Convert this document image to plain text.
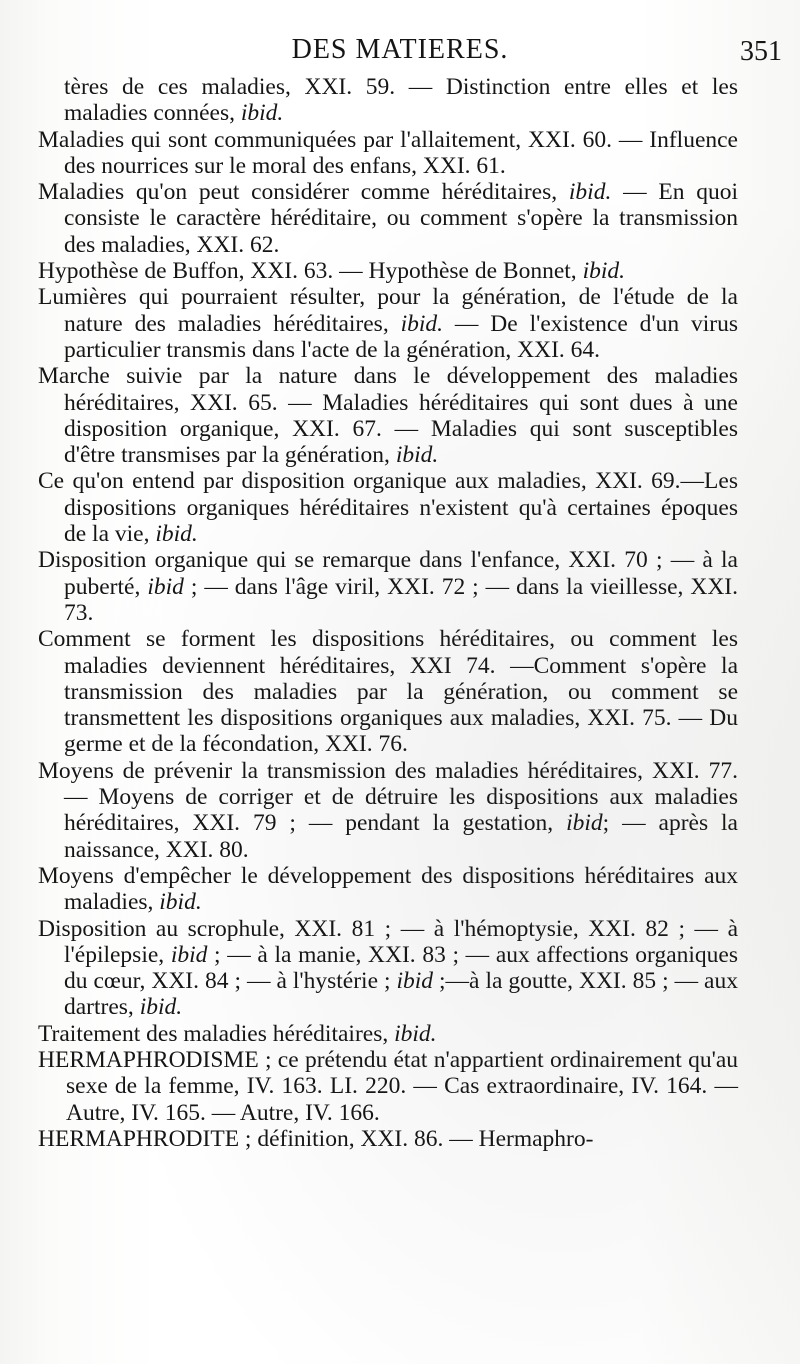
DES MATIERES.	351
tères de ces maladies, XXI. 59. — Distinction entre elles et les maladies connées, ibid.
Maladies qui sont communiquées par l'allaitement, XXI. 60. — Influence des nourrices sur le moral des enfans, XXI. 61.
Maladies qu'on peut considérer comme héréditaires, ibid. — En quoi consiste le caractère héréditaire, ou comment s'opère la transmission des maladies, XXI. 62.
Hypothèse de Buffon, XXI. 63. — Hypothèse de Bonnet, ibid.
Lumières qui pourraient résulter, pour la génération, de l'étude de la nature des maladies héréditaires, ibid. — De l'existence d'un virus particulier transmis dans l'acte de la génération, XXI. 64.
Marche suivie par la nature dans le développement des maladies héréditaires, XXI. 65. — Maladies héréditaires qui sont dues à une disposition organique, XXI. 67. — Maladies qui sont susceptibles d'être transmises par la génération, ibid.
Ce qu'on entend par disposition organique aux maladies, XXI. 69.—Les dispositions organiques héréditaires n'existent qu'à certaines époques de la vie, ibid.
Disposition organique qui se remarque dans l'enfance, XXI. 70 ; — à la puberté, ibid ; — dans l'âge viril, XXI. 72 ; — dans la vieillesse, XXI. 73.
Comment se forment les dispositions héréditaires, ou comment les maladies deviennent héréditaires, XXI 74. —Comment s'opère la transmission des maladies par la génération, ou comment se transmettent les dispositions organiques aux maladies, XXI. 75. — Du germe et de la fécondation, XXI. 76.
Moyens de prévenir la transmission des maladies héréditaires, XXI. 77. — Moyens de corriger et de détruire les dispositions aux maladies héréditaires, XXI. 79 ; — pendant la gestation, ibid; — après la naissance, XXI. 80.
Moyens d'empêcher le développement des dispositions héréditaires aux maladies, ibid.
Disposition au scrophule, XXI. 81 ; — à l'hémoptysie, XXI. 82 ; — à l'épilepsie, ibid ; — à la manie, XXI. 83 ; — aux affections organiques du cœur, XXI. 84 ; — à l'hystérie ; ibid ;—à la goutte, XXI. 85 ; — aux dartres, ibid.
Traitement des maladies héréditaires, ibid.
HERMAPHRODISME ; ce prétendu état n'appartient ordinairement qu'au sexe de la femme, IV. 163. LI. 220. — Cas extraordinaire, IV. 164. — Autre, IV. 165. — Autre, IV. 166.
HERMAPHRODITE ; définition, XXI. 86. — Hermaphro-
